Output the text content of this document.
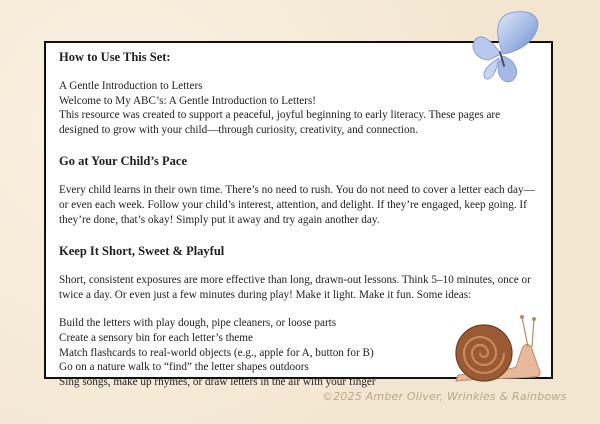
How to Use This Set:

A Gentle Introduction to Letters

Welcome to My ABC’s: A Gentle Introduction to Letters!

This resource was created to support a peaceful, joyful beginning to early literacy. These pages are designed to grow with your child—through curiosity, creativity, and connection.

Go at Your Child’s Pace

Every child learns in their own time. There’s no need to rush. You do not need to cover a letter each day—or even each week. Follow your child’s interest, attention, and delight. If they’re engaged, keep going. If they’re done, that’s okay! Simply put it away and try again another day.

Keep It Short, Sweet & Playful

Short, consistent exposures are more effective than long, drawn-out lessons. Think 5–10 minutes, once or twice a day. Or even just a few minutes during play! Make it light. Make it fun. Some ideas:

Build the letters with play dough, pipe cleaners, or loose parts
Create a sensory bin for each letter’s theme
Match flashcards to real-world objects (e.g., apple for A, button for B)
Go on a nature walk to “find” the letter shapes outdoors
Sing songs, make up rhymes, or draw letters in the air with your finger
©2025 Amber Oliver, Wrinkles & Rainbows
